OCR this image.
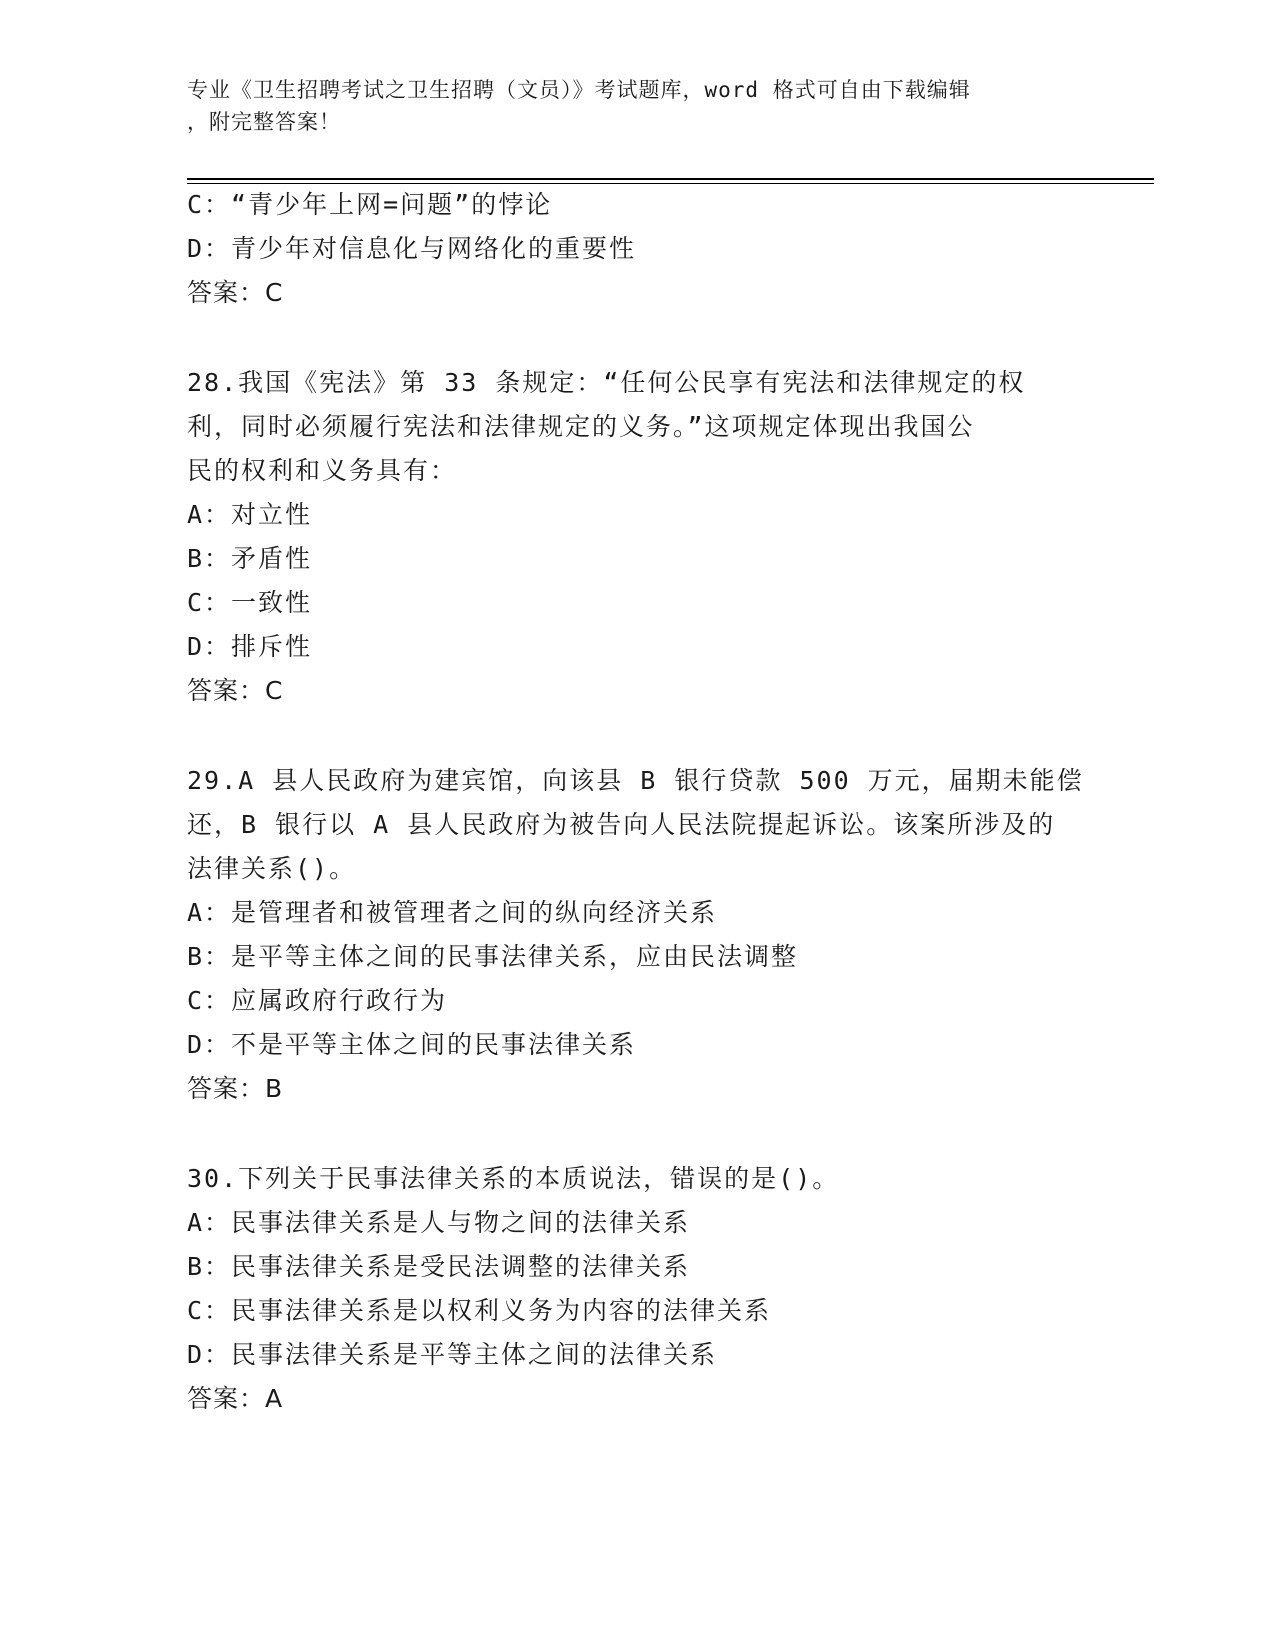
专业《卫生招聘考试之卫生招聘（文员）》考试题库，word 格式可自由下载编辑
，附完整答案！
C：“青少年上网=问题”的悖论
D：青少年对信息化与网络化的重要性
答案：C
28.我国《宪法》第 33 条规定：“任何公民享有宪法和法律规定的权
利，同时必须履行宪法和法律规定的义务。”这项规定体现出我国公
民的权利和义务具有：
A：对立性
B：矛盾性
C：一致性
D：排斥性
答案：C
29.A 县人民政府为建宾馆，向该县 B 银行贷款 500 万元，届期未能偿
还，B 银行以 A 县人民政府为被告向人民法院提起诉讼。该案所涉及的
法律关系()。
A：是管理者和被管理者之间的纵向经济关系
B：是平等主体之间的民事法律关系，应由民法调整
C：应属政府行政行为
D：不是平等主体之间的民事法律关系
答案：B
30.下列关于民事法律关系的本质说法，错误的是()。
A：民事法律关系是人与物之间的法律关系
B：民事法律关系是受民法调整的法律关系
C：民事法律关系是以权利义务为内容的法律关系
D：民事法律关系是平等主体之间的法律关系
答案：A
